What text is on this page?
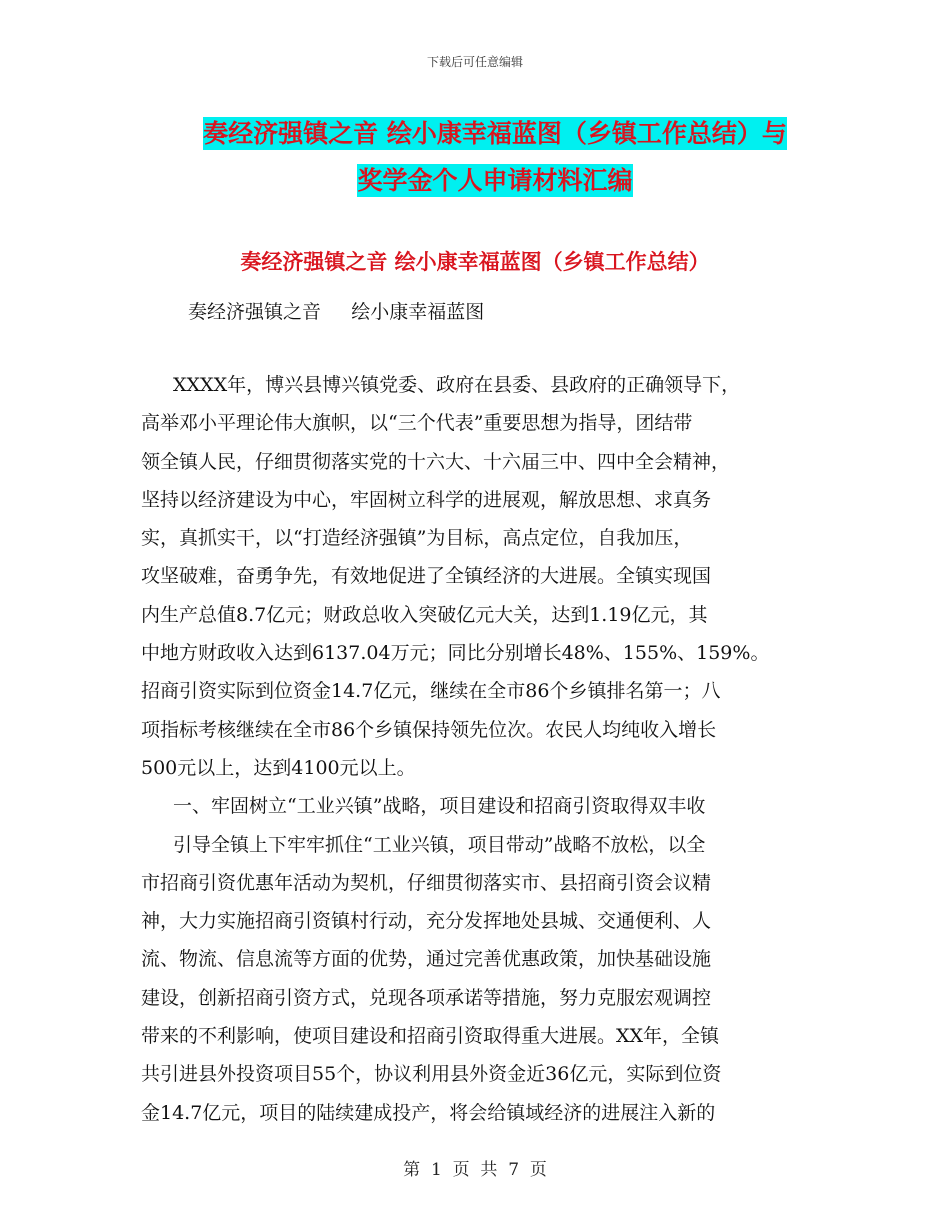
下载后可任意编辑
奏经济强镇之音 绘小康幸福蓝图（乡镇工作总结）与
奖学金个人申请材料汇编
奏经济强镇之音 绘小康幸福蓝图（乡镇工作总结）
奏经济强镇之音     绘小康幸福蓝图
XXXX年，博兴县博兴镇党委、政府在县委、县政府的正确领导下，
高举邓小平理论伟大旗帜，以“三个代表”重要思想为指导，团结带
领全镇人民，仔细贯彻落实党的十六大、十六届三中、四中全会精神，
坚持以经济建设为中心，牢固树立科学的进展观，解放思想、求真务
实，真抓实干，以“打造经济强镇”为目标，高点定位，自我加压，
攻坚破难，奋勇争先，有效地促进了全镇经济的大进展。全镇实现国
内生产总值8.7亿元；财政总收入突破亿元大关，达到1.19亿元，其
中地方财政收入达到6137.04万元；同比分别增长48%、155%、159%。
招商引资实际到位资金14.7亿元，继续在全市86个乡镇排名第一；八
项指标考核继续在全市86个乡镇保持领先位次。农民人均纯收入增长
500元以上，达到4100元以上。
一、牢固树立“工业兴镇”战略，项目建设和招商引资取得双丰收
引导全镇上下牢牢抓住“工业兴镇，项目带动”战略不放松，以全
市招商引资优惠年活动为契机，仔细贯彻落实市、县招商引资会议精
神，大力实施招商引资镇村行动，充分发挥地处县城、交通便利、人
流、物流、信息流等方面的优势，通过完善优惠政策，加快基础设施
建设，创新招商引资方式，兑现各项承诺等措施，努力克服宏观调控
带来的不利影响，使项目建设和招商引资取得重大进展。XX年，全镇
共引进县外投资项目55个，协议利用县外资金近36亿元，实际到位资
金14.7亿元，项目的陆续建成投产，将会给镇域经济的进展注入新的
第  1  页  共  7  页
